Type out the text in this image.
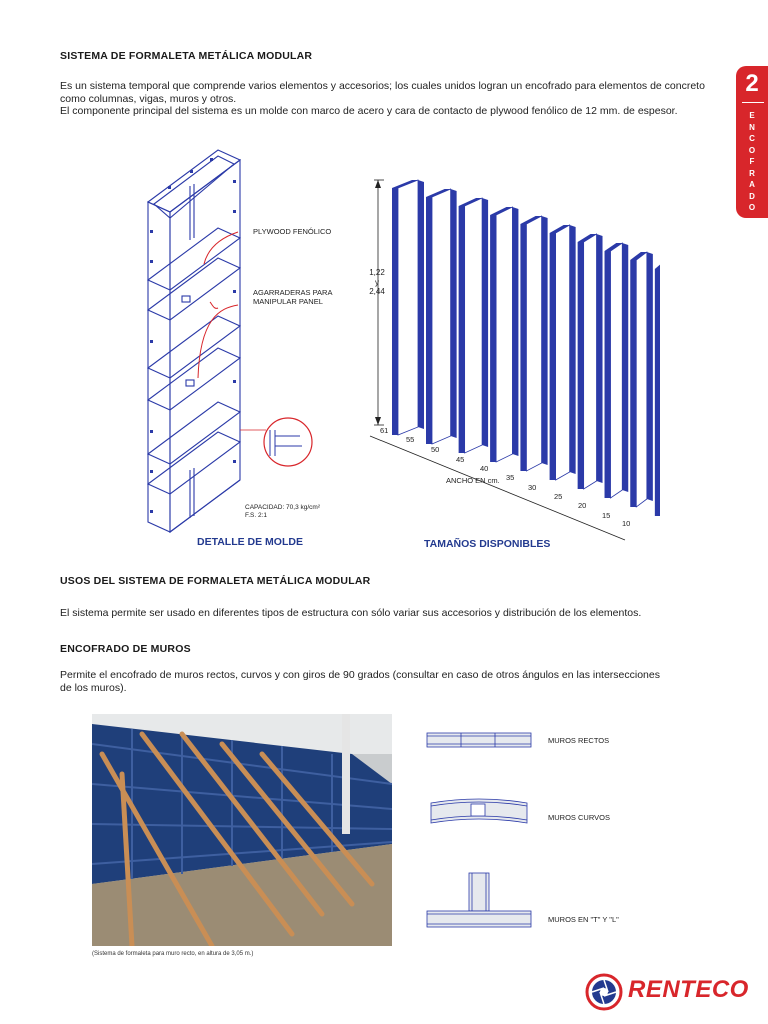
2
E
N
C
O
F
R
A
D
O
SISTEMA DE FORMALETA METÁLICA MODULAR
Es un sistema temporal que comprende varios elementos y accesorios; los cuales unidos logran un encofrado para elementos de concreto
como columnas, vigas, muros y otros.
El componente principal del sistema es un molde con marco de acero y cara de contacto de plywood fenólico de 12 mm. de espesor.
PLYWOOD FENÓLICO
AGARRADERAS PARA
MANIPULAR PANEL
CAPACIDAD: 70,3 kg/cm²
F.S. 2:1
DETALLE DE MOLDE
1,22
y
2,44
61
55
50
45
40
35
30
25
20
15
10
ANCHO EN cm.
TAMAÑOS DISPONIBLES
USOS DEL SISTEMA DE FORMALETA METÁLICA MODULAR
El sistema permite ser usado en diferentes tipos de estructura con sólo variar sus accesorios y distribución de los elementos.
ENCOFRADO DE MUROS
Permite el encofrado de muros rectos, curvos y con giros de 90 grados (consultar en caso de otros ángulos en las intersecciones
de los muros).
(Sistema de formaleta para muro recto, en altura de 3,05 m.)
MUROS RECTOS
MUROS CURVOS
MUROS EN "T" Y "L"
RENTECO
